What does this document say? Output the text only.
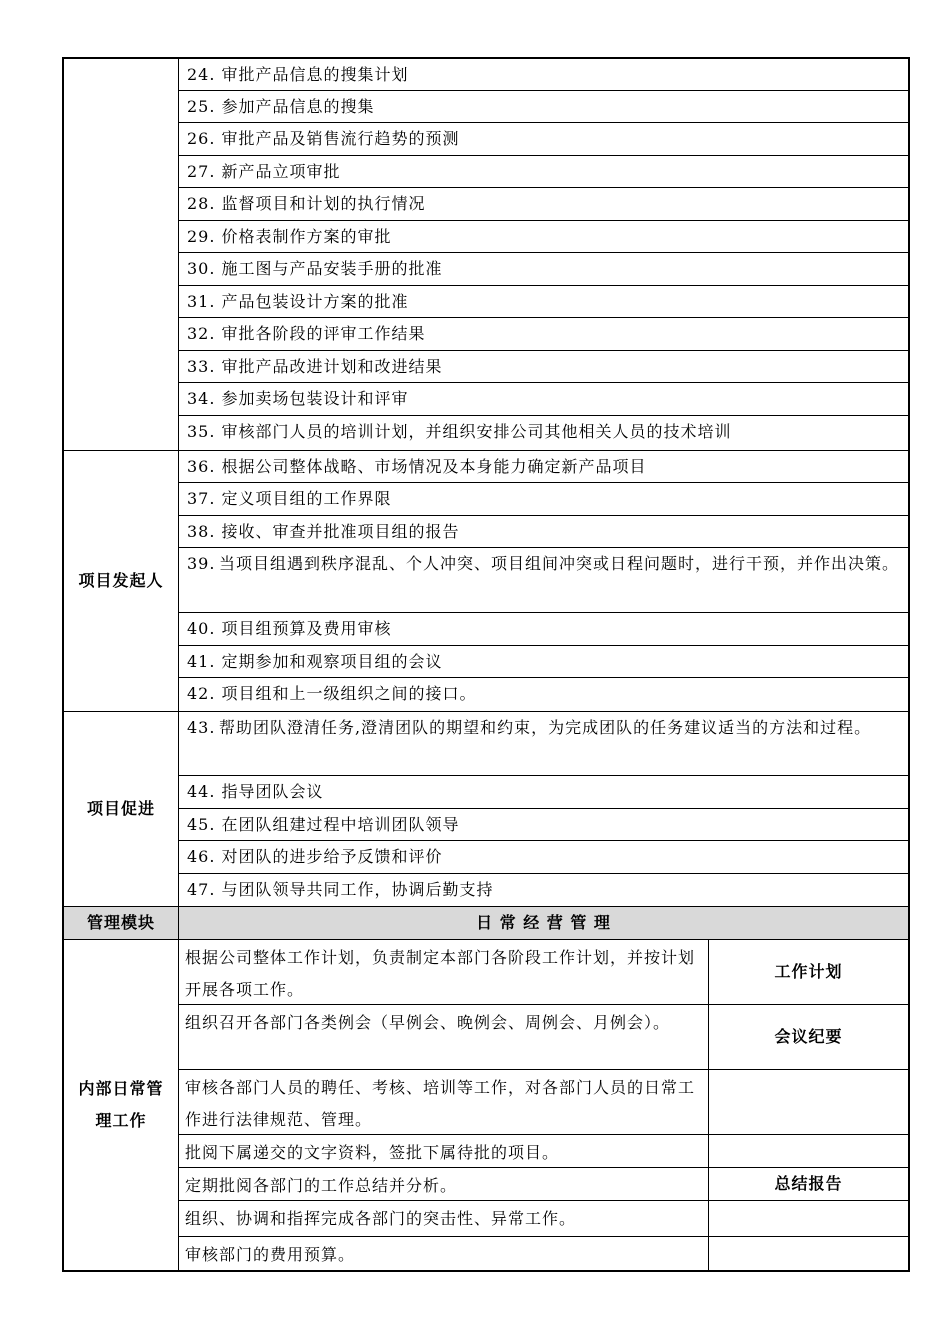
24. 审批产品信息的搜集计划
25. 参加产品信息的搜集
26. 审批产品及销售流行趋势的预测
27. 新产品立项审批
28. 监督项目和计划的执行情况
29. 价格表制作方案的审批
30. 施工图与产品安装手册的批准
31. 产品包装设计方案的批准
32. 审批各阶段的评审工作结果
33. 审批产品改进计划和改进结果
34. 参加卖场包装设计和评审
35. 审核部门人员的培训计划，并组织安排公司其他相关人员的技术培训
项目发起人
36. 根据公司整体战略、市场情况及本身能力确定新产品项目
37. 定义项目组的工作界限
38. 接收、审查并批准项目组的报告
39. 当项目组遇到秩序混乱、个人冲突、项目组间冲突或日程问题时，进行干预，并作出决策。
40. 项目组预算及费用审核
41. 定期参加和观察项目组的会议
42. 项目组和上一级组织之间的接口。
项目促进
43. 帮助团队澄清任务,澄清团队的期望和约束，为完成团队的任务建议适当的方法和过程。
44. 指导团队会议
45. 在团队组建过程中培训团队领导
46. 对团队的进步给予反馈和评价
47. 与团队领导共同工作，协调后勤支持
管理模块	日 常 经 营 管 理
内部日常管理工作
根据公司整体工作计划，负责制定本部门各阶段工作计划，并按计划开展各项工作。
工作计划
组织召开各部门各类例会（早例会、晚例会、周例会、月例会）。
会议纪要
审核各部门人员的聘任、考核、培训等工作，对各部门人员的日常工作进行法律规范、管理。
批阅下属递交的文字资料，签批下属待批的项目。
定期批阅各部门的工作总结并分析。	总结报告
组织、协调和指挥完成各部门的突击性、异常工作。
审核部门的费用预算。
